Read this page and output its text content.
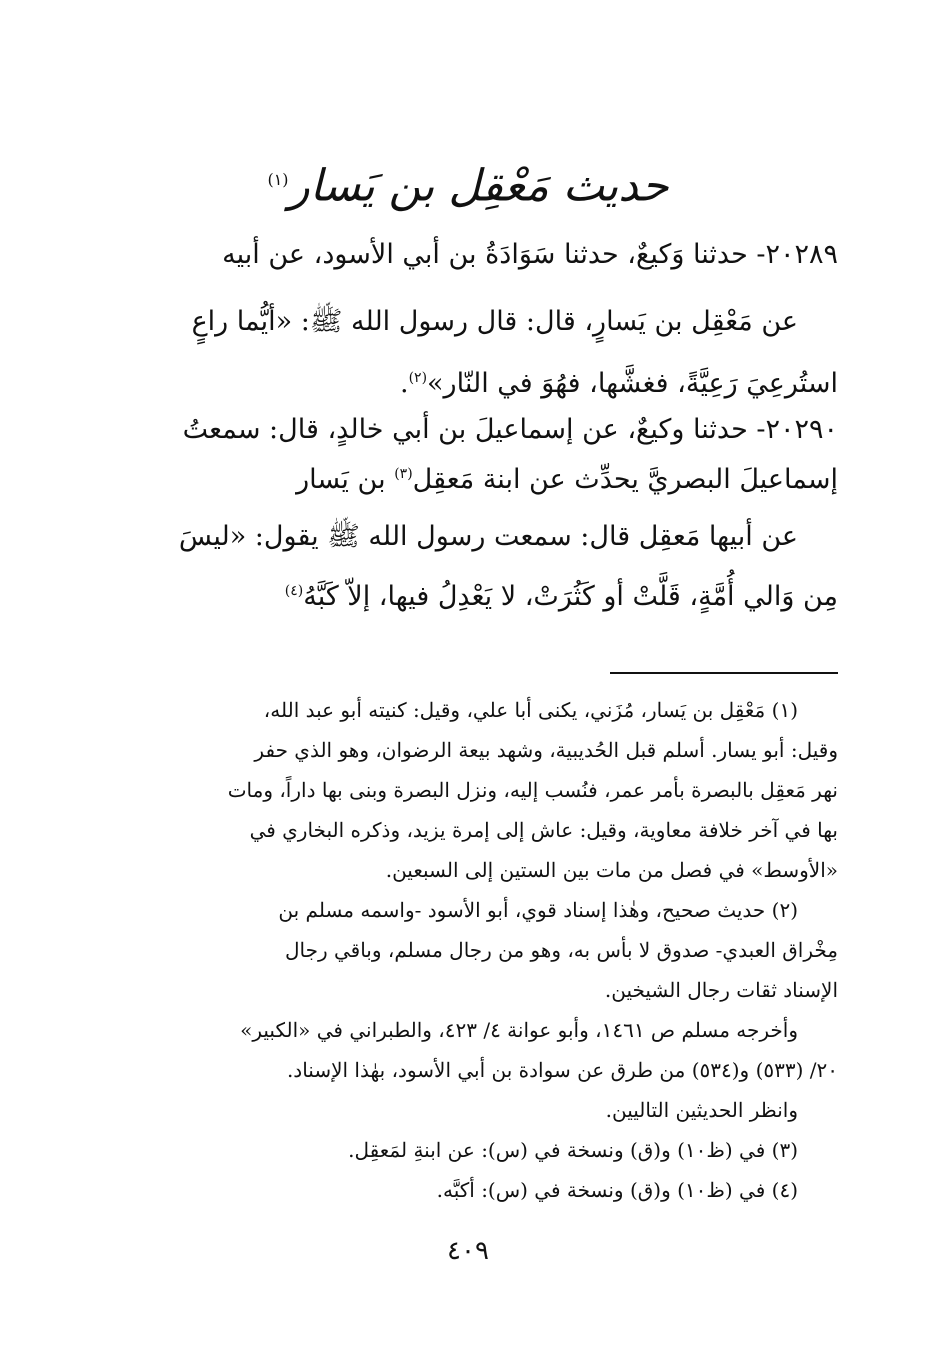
حديث مَعْقِل بن يَسار$^{(١)}$
٢٠٢٨٩- حدثنا وَكيعٌ، حدثنا سَوَادَةُ بن أبي الأسود، عن أبيه
عن مَعْقِل بن يَسارٍ، قال: قال رسول الله ﷺ: «أيُّما راعٍ
استُرعِيَ رَعِيَّةً، فغشَّها، فهُوَ في النّار»$^{(٢)}$.
٢٠٢٩٠- حدثنا وكيعٌ، عن إسماعيلَ بن أبي خالدٍ، قال: سمعتُ
إسماعيلَ البصريَّ يحدِّث عن ابنة مَعقِل$^{(٣)}$ بن يَسار
عن أبيها مَعقِل قال: سمعت رسول الله ﷺ يقول: «ليسَ
مِن وَالي أُمَّةٍ، قَلَّتْ أو كَثُرَتْ، لا يَعْدِلُ فيها، إلاّ كَبَّهُ$^{(٤)}$
(١) مَعْقِل بن يَسار، مُزَني، يكنى أبا علي، وقيل: كنيته أبو عبد الله،
وقيل: أبو يسار. أسلم قبل الحُديبية، وشهد بيعة الرضوان، وهو الذي حفر
نهر مَعقِل بالبصرة بأمر عمر، فنُسب إليه، ونزل البصرة وبنى بها داراً، ومات
بها في آخر خلافة معاوية، وقيل: عاش إلى إمرة يزيد، وذكره البخاري في
«الأوسط» في فصل من مات بين الستين إلى السبعين.
(٢) حديث صحيح، وهٰذا إسناد قوي، أبو الأسود -واسمه مسلم بن
مِخْراق العبدي- صدوق لا بأس به، وهو من رجال مسلم، وباقي رجال
الإسناد ثقات رجال الشيخين.
وأخرجه مسلم ص ١٤٦١، وأبو عوانة ٤/ ٤٢٣، والطبراني في «الكبير»
٢٠/ (٥٣٣) و(٥٣٤) من طرق عن سوادة بن أبي الأسود، بهٰذا الإسناد.
وانظر الحديثين التاليين.
(٣) في (ظ١٠) و(ق) ونسخة في (س): عن ابنةِ لمَعقِل.
(٤) في (ظ١٠) و(ق) ونسخة في (س): أكبَّه.
٤٠٩
